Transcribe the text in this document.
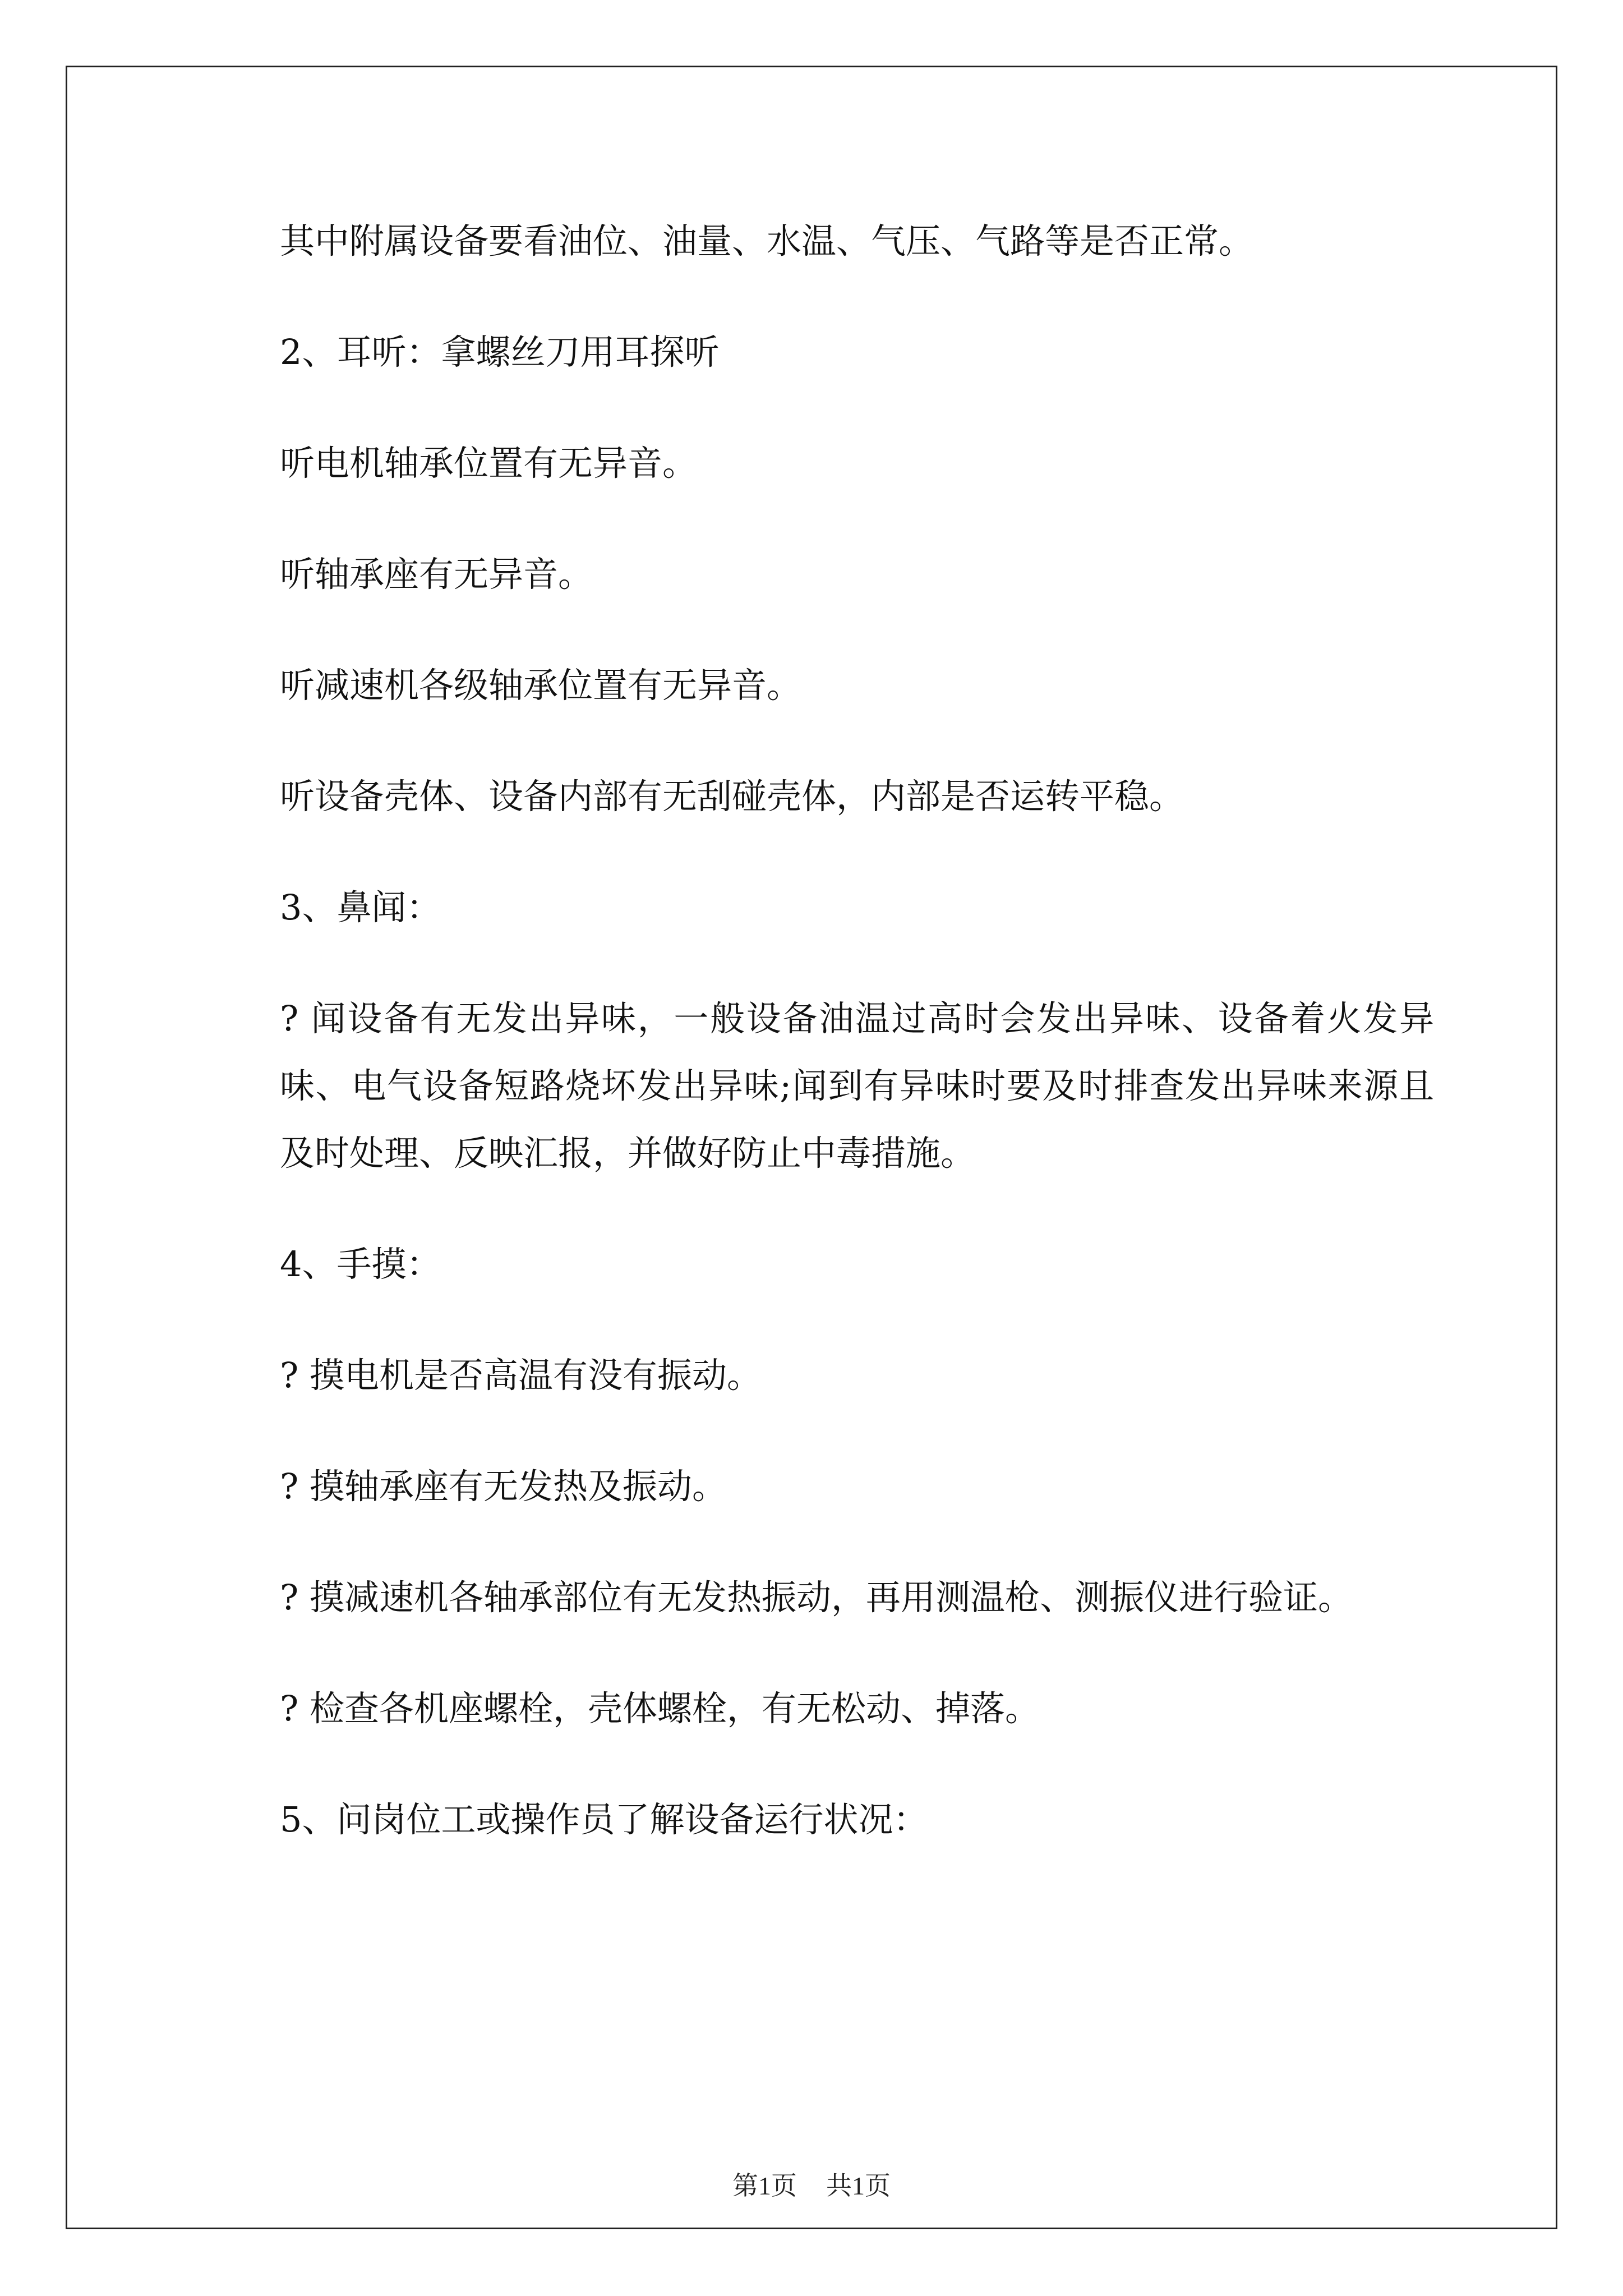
其中附属设备要看油位、油量、水温、气压、气路等是否正常。

2、耳听：拿螺丝刀用耳探听

听电机轴承位置有无异音。

听轴承座有无异音。

听减速机各级轴承位置有无异音。

听设备壳体、设备内部有无刮碰壳体，内部是否运转平稳。

3、鼻闻：

? 闻设备有无发出异味，一般设备油温过高时会发出异味、设备着火发异味、电气设备短路烧坏发出异味;闻到有异味时要及时排查发出异味来源且及时处理、反映汇报，并做好防止中毒措施。

4、手摸：

? 摸电机是否高温有没有振动。

? 摸轴承座有无发热及振动。

? 摸减速机各轴承部位有无发热振动，再用测温枪、测振仪进行验证。

? 检查各机座螺栓，壳体螺栓，有无松动、掉落。

5、问岗位工或操作员了解设备运行状况：

第1页 共1页
